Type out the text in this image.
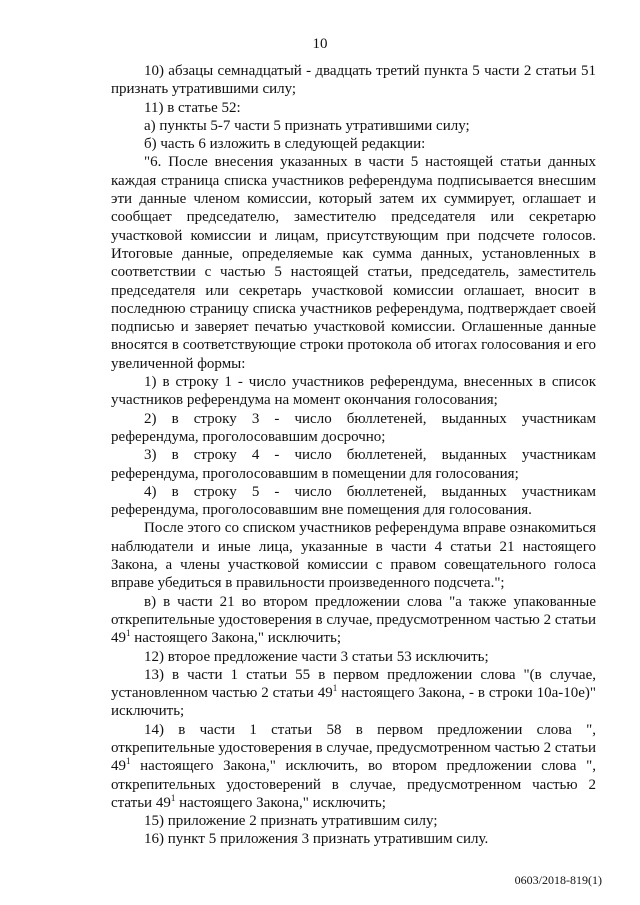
10

10) абзацы семнадцатый - двадцать третий пункта 5 части 2 статьи 51 признать утратившими силу;

11) в статье 52:

а) пункты 5-7 части 5 признать утратившими силу;

б) часть 6 изложить в следующей редакции:

"6. После внесения указанных в части 5 настоящей статьи данных каждая страница списка участников референдума подписывается внесшим эти данные членом комиссии, который затем их суммирует, оглашает и сообщает председателю, заместителю председателя или секретарю участковой комиссии и лицам, присутствующим при подсчете голосов. Итоговые данные, определяемые как сумма данных, установленных в соответствии с частью 5 настоящей статьи, председатель, заместитель председателя или секретарь участковой комиссии оглашает, вносит в последнюю страницу списка участников референдума, подтверждает своей подписью и заверяет печатью участковой комиссии. Оглашенные данные вносятся в соответствующие строки протокола об итогах голосования и его увеличенной формы:

1) в строку 1 - число участников референдума, внесенных в список участников референдума на момент окончания голосования;

2) в строку 3 - число бюллетеней, выданных участникам референдума, проголосовавшим досрочно;

3) в строку 4 - число бюллетеней, выданных участникам референдума, проголосовавшим в помещении для голосования;

4) в строку 5 - число бюллетеней, выданных участникам референдума, проголосовавшим вне помещения для голосования.

После этого со списком участников референдума вправе ознакомиться наблюдатели и иные лица, указанные в части 4 статьи 21 настоящего Закона, а члены участковой комиссии с правом совещательного голоса вправе убедиться в правильности произведенного подсчета.";

в) в части 21 во втором предложении слова "а также упакованные открепительные удостоверения в случае, предусмотренном частью 2 статьи $49^1$ настоящего Закона," исключить;

12) второе предложение части 3 статьи 53 исключить;

13) в части 1 статьи 55 в первом предложении слова "(в случае, установленном частью 2 статьи $49^1$ настоящего Закона, - в строки 10а-10е)" исключить;

14) в части 1 статьи 58 в первом предложении слова ", открепительные удостоверения в случае, предусмотренном частью 2 статьи $49^1$ настоящего Закона," исключить, во втором предложении слова ", открепительных удостоверений в случае, предусмотренном частью 2 статьи $49^1$ настоящего Закона," исключить;

15) приложение 2 признать утратившим силу;

16) пункт 5 приложения 3 признать утратившим силу.

0603/2018-819(1)
